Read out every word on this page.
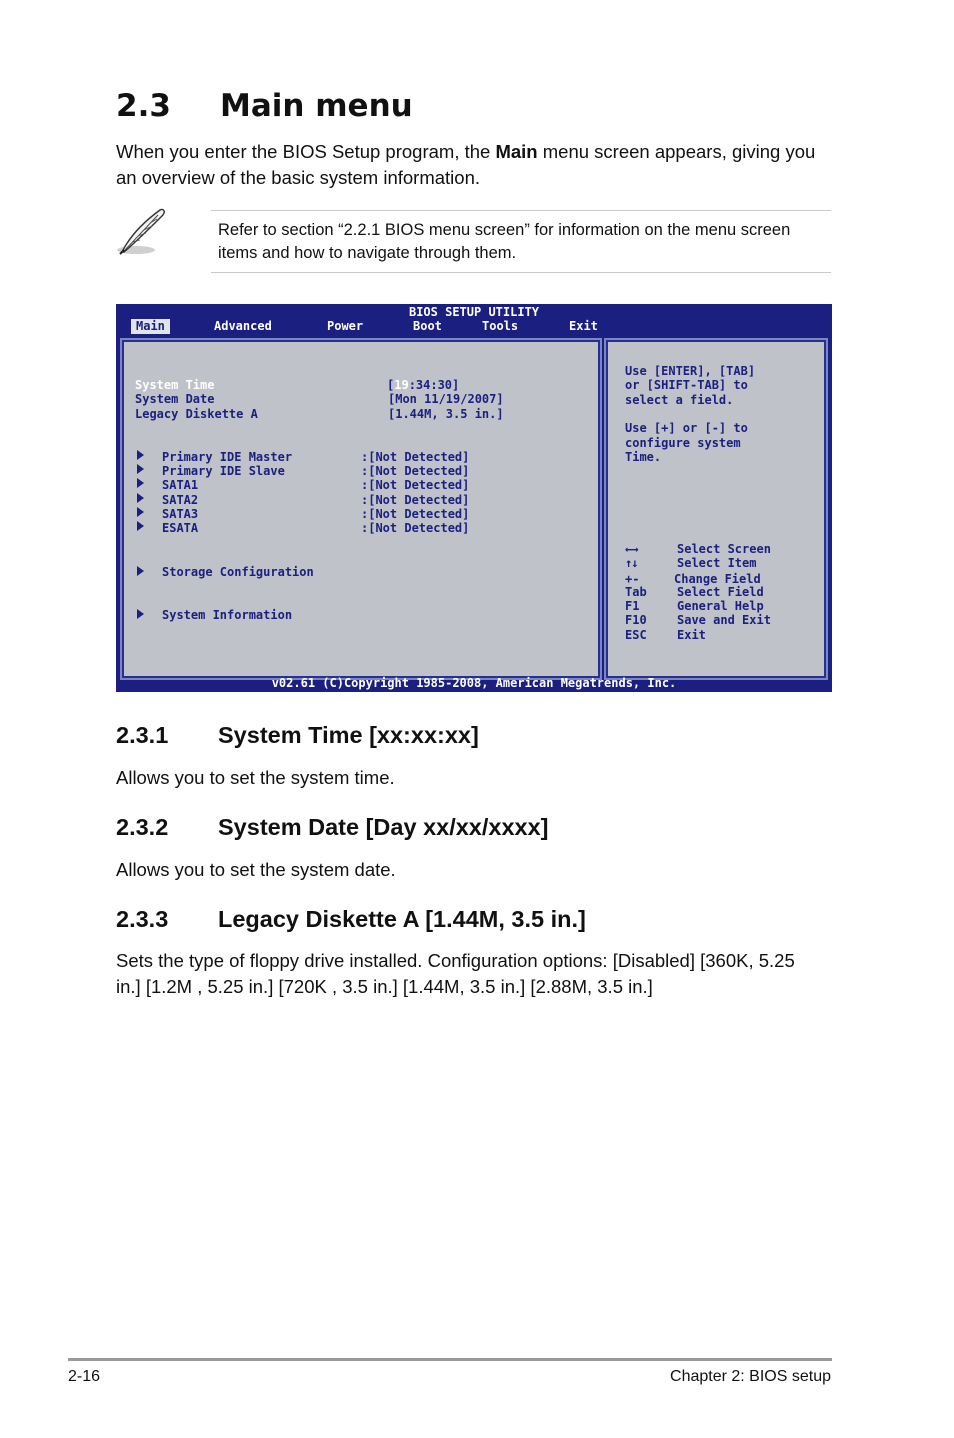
2.3 Main menu
When you enter the BIOS Setup program, the Main menu screen appears, giving you an overview of the basic system information.
Refer to section “2.2.1 BIOS menu screen” for information on the menu screen items and how to navigate through them.
BIOS SETUP UTILITY
Main	Advanced	Power	Boot	Tools	Exit
System Time	[19:34:30]
System Date	[Mon 11/19/2007]
Legacy Diskette A	[1.44M, 3.5 in.]
Primary IDE Master	:[Not Detected]
Primary IDE Slave	:[Not Detected]
SATA1	:[Not Detected]
SATA2	:[Not Detected]
SATA3	:[Not Detected]
ESATA	:[Not Detected]
Storage Configuration
System Information
Use [ENTER], [TAB]
or [SHIFT-TAB] to
select a field.
Use [+] or [-] to
configure system
Time.
←→	Select Screen
↑↓	Select Item
+-	Change Field
Tab	Select Field
F1	General Help
F10	Save and Exit
ESC	Exit
v02.61 (C)Copyright 1985-2008, American Megatrends, Inc.
2.3.1 System Time [xx:xx:xx]
Allows you to set the system time.
2.3.2 System Date [Day xx/xx/xxxx]
Allows you to set the system date.
2.3.3 Legacy Diskette A [1.44M, 3.5 in.]
Sets the type of floppy drive installed. Configuration options: [Disabled] [360K, 5.25 in.] [1.2M , 5.25 in.] [720K , 3.5 in.] [1.44M, 3.5 in.] [2.88M, 3.5 in.]
2-16	Chapter 2: BIOS setup
